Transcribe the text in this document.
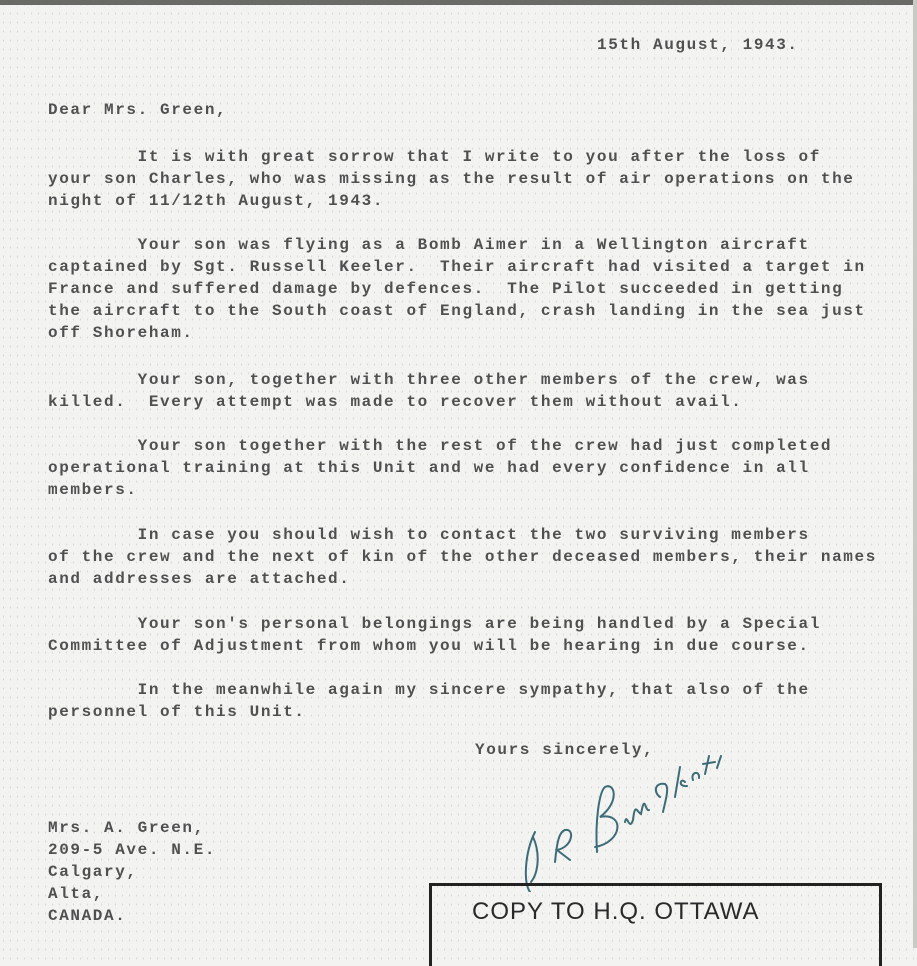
15th August, 1943.
Dear Mrs. Green,
It is with great sorrow that I write to you after the loss of
your son Charles, who was missing as the result of air operations on the
night of 11/12th August, 1943.
Your son was flying as a Bomb Aimer in a Wellington aircraft
captained by Sgt. Russell Keeler.  Their aircraft had visited a target in
France and suffered damage by defences.  The Pilot succeeded in getting
the aircraft to the South coast of England, crash landing in the sea just
off Shoreham.
Your son, together with three other members of the crew, was
killed.  Every attempt was made to recover them without avail.
Your son together with the rest of the crew had just completed
operational training at this Unit and we had every confidence in all
members.
In case you should wish to contact the two surviving members
of the crew and the next of kin of the other deceased members, their names
and addresses are attached.
Your son's personal belongings are being handled by a Special
Committee of Adjustment from whom you will be hearing in due course.
In the meanwhile again my sincere sympathy, that also of the
personnel of this Unit.
Yours sincerely,
Mrs. A. Green,
209-5 Ave. N.E.
Calgary,
Alta,
CANADA.	COPY TO H.Q. OTTAWA
